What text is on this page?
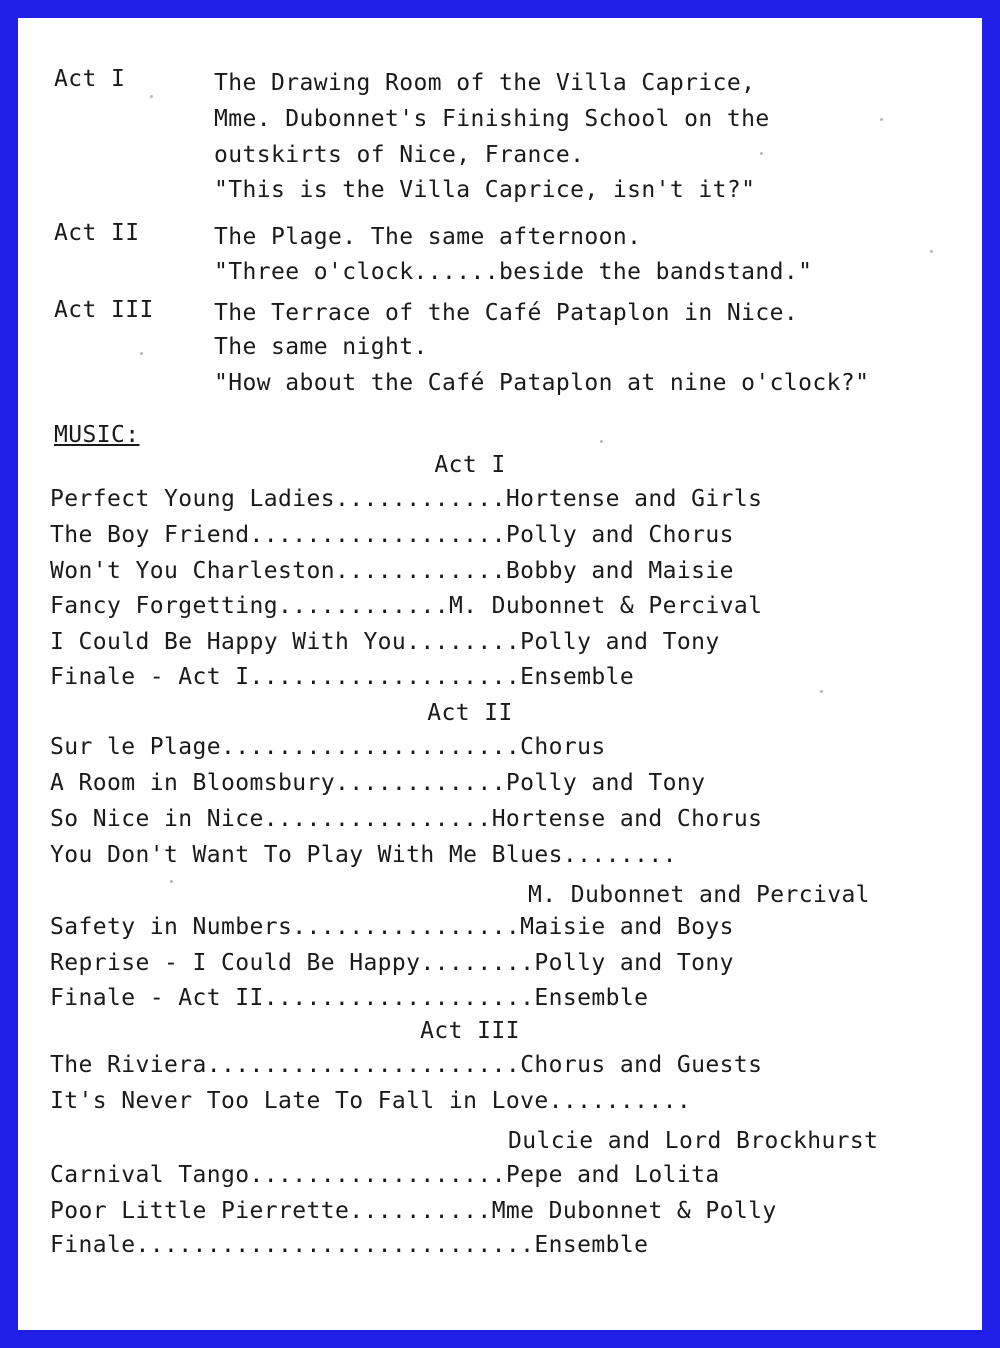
Act I	The Drawing Room of the Villa Caprice,
Mme. Dubonnet's Finishing School on the
outskirts of Nice, France.
"This is the Villa Caprice, isn't it?"
Act II	The Plage. The same afternoon.
"Three o'clock......beside the bandstand."
Act III	The Terrace of the Café Pataplon in Nice.
The same night.
"How about the Café Pataplon at nine o'clock?"
MUSIC:
Act I
Perfect Young Ladies............Hortense and Girls
The Boy Friend..................Polly and Chorus
Won't You Charleston............Bobby and Maisie
Fancy Forgetting............M. Dubonnet & Percival
I Could Be Happy With You........Polly and Tony
Finale - Act I...................Ensemble
Act II
Sur le Plage.....................Chorus
A Room in Bloomsbury............Polly and Tony
So Nice in Nice................Hortense and Chorus
You Don't Want To Play With Me Blues........
M. Dubonnet and Percival
Safety in Numbers................Maisie and Boys
Reprise - I Could Be Happy........Polly and Tony
Finale - Act II...................Ensemble
Act III
The Riviera......................Chorus and Guests
It's Never Too Late To Fall in Love..........
Dulcie and Lord Brockhurst
Carnival Tango..................Pepe and Lolita
Poor Little Pierrette..........Mme Dubonnet & Polly
Finale............................Ensemble
